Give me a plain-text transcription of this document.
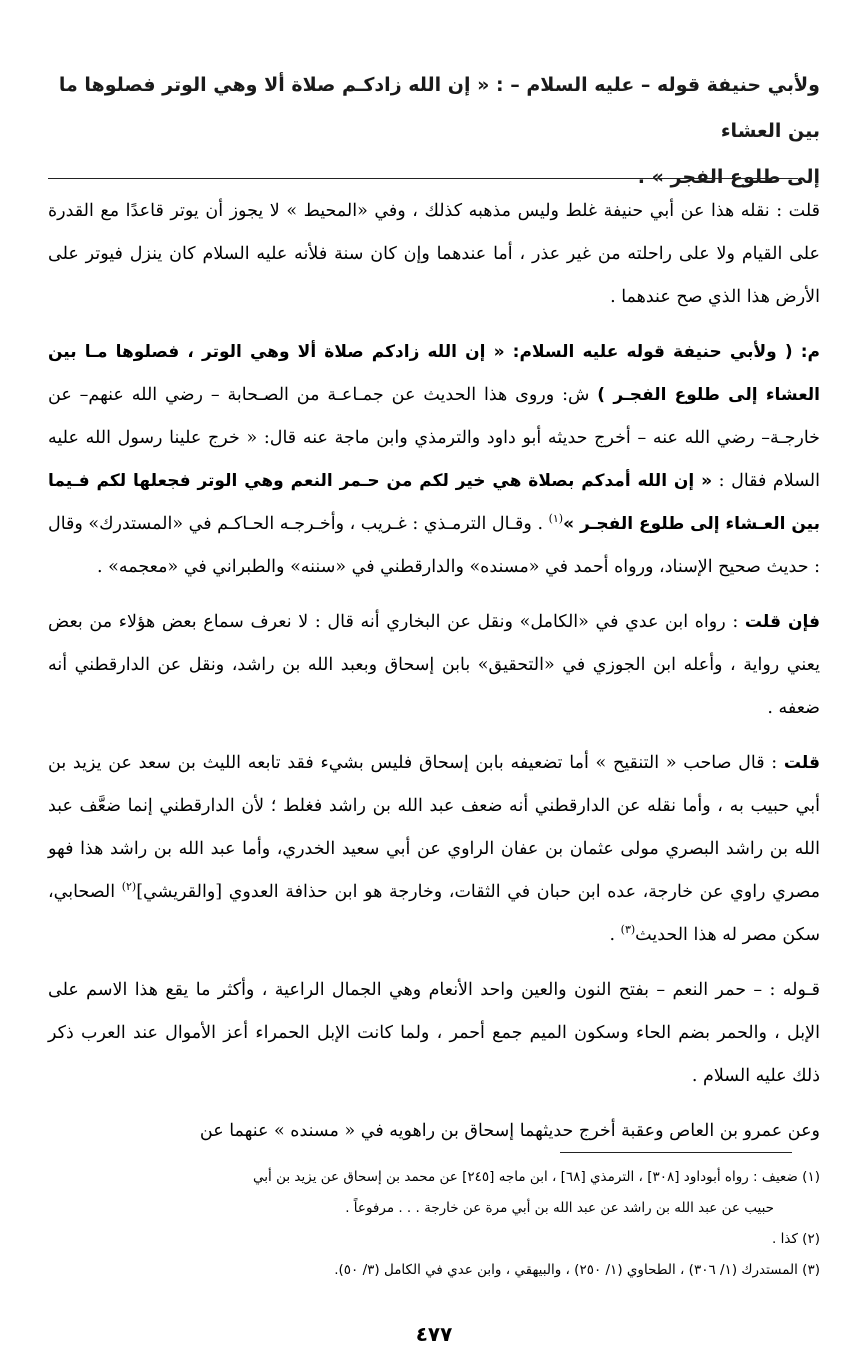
ولأبي حنيفة قوله – عليه السلام – : « إن الله زادكـم صلاة ألا وهي الوتر فصلوها ما بين العشاء
إلى طلوع الفجر » .

قلت : نقله هذا عن أبي حنيفة غلط وليس مذهبه كذلك ، وفي «المحيط » لا يجوز أن يوتر قاعدًا مع القدرة على القيام ولا على راحلته من غير عذر ، أما عندهما وإن كان سنة فلأنه عليه السلام كان ينزل فيوتر على الأرض هذا الذي صح عندهما .

م: ( ولأبي حنيفة قوله عليه السلام: « إن الله زادكم صلاة ألا وهي الوتر ، فصلوها مـا بين العشاء إلى طلوع الفجـر ) ش: وروى هذا الحديث عن جمـاعـة من الصـحابة – رضي الله عنهم– عن خارجـة– رضي الله عنه – أخرج حديثه أبو داود والترمذي وابن ماجة عنه قال: « خرج علينا رسول الله عليه السلام فقال : « إن الله أمدكم بصلاة هي خير لكم من حـمر النعم وهي الوتر فجعلها لكم فـيما بين العـشاء إلى طلوع الفجـر »$^{(١)}$ . وقـال الترمـذي : غـريب ، وأخـرجـه الحـاكـم في «المستدرك» وقال : حديث صحيح الإسناد، ورواه أحمد في «مسنده» والدارقطني في «سننه» والطبراني في «معجمه» .

فإن قلت : رواه ابن عدي في «الكامل» ونقل عن البخاري أنه قال : لا نعرف سماع بعض هؤلاء من بعض يعني رواية ، وأعله ابن الجوزي في «التحقيق» بابن إسحاق وبعبد الله بن راشد، ونقل عن الدارقطني أنه ضعفه .

قلت : قال صاحب « التنقيح » أما تضعيفه بابن إسحاق فليس بشيء فقد تابعه الليث بن سعد عن يزيد بن أبي حبيب به ، وأما نقله عن الدارقطني أنه ضعف عبد الله بن راشد فغلط ؛ لأن الدارقطني إنما ضعَّف عبد الله بن راشد البصري مولى عثمان بن عفان الراوي عن أبي سعيد الخدري، وأما عبد الله بن راشد هذا فهو مصري راوي عن خارجة، عده ابن حبان في الثقات، وخارجة هو ابن حذافة العدوي [والقريشي]$^{(٢)}$ الصحابي، سكن مصر له هذا الحديث$^{(٣)}$ .

قـوله : – حمر النعم – بفتح النون والعين واحد الأنعام وهي الجمال الراعية ، وأكثر ما يقع هذا الاسم على الإبل ، والحمر بضم الحاء وسكون الميم جمع أحمر ، ولما كانت الإبل الحمراء أعز الأموال عند العرب ذكر ذلك عليه السلام .

وعن عمرو بن العاص وعقبة أخرج حديثهما إسحاق بن راهويه في « مسنده » عنهما عن

(١) ضعيف : رواه أبوداود [٣٠٨] ، الترمذي [٦٨] ، ابن ماجه [٢٤٥] عن محمد بن إسحاق عن يزيد بن أبي

حبيب عن عبد الله بن راشد عن عبد الله بن أبي مرة عن خارجة . . . مرفوعاً .

(٢) كذا .

(٣) المستدرك (١/ ٣٠٦) ، الطحاوي (١/ ٢٥٠) ، والبيهقي ، وابن عدي في الكامل (٣/ ٥٠).

٤٧٧
